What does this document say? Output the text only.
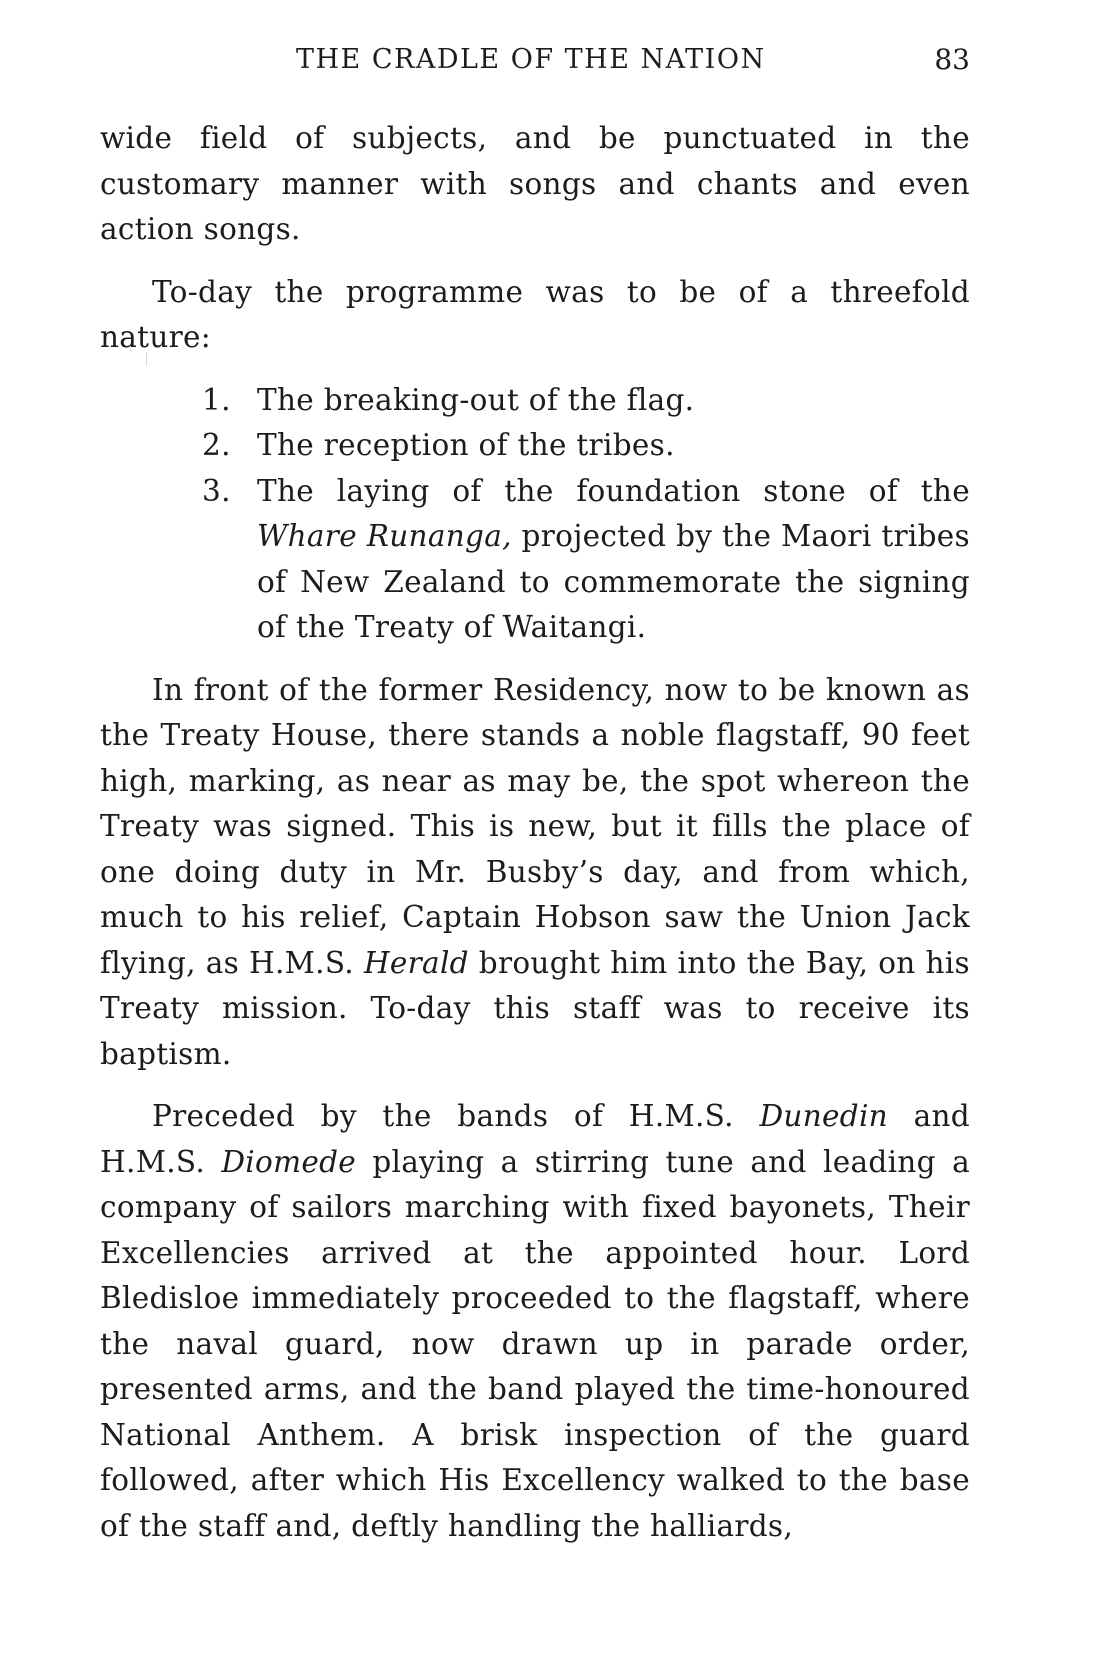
THE CRADLE OF THE NATION	83

wide field of subjects, and be punctuated in the customary manner with songs and chants and even action songs.

To-day the programme was to be of a threefold nature:

1. The breaking-out of the flag.
2. The reception of the tribes.
3. The laying of the foundation stone of the Whare Runanga, projected by the Maori tribes of New Zealand to commemorate the signing of the Treaty of Waitangi.

In front of the former Residency, now to be known as the Treaty House, there stands a noble flagstaff, 90 feet high, marking, as near as may be, the spot whereon the Treaty was signed. This is new, but it fills the place of one doing duty in Mr. Busby’s day, and from which, much to his relief, Captain Hobson saw the Union Jack flying, as H.M.S. Herald brought him into the Bay, on his Treaty mission. To-day this staff was to receive its baptism.

Preceded by the bands of H.M.S. Dunedin and H.M.S. Diomede playing a stirring tune and leading a company of sailors marching with fixed bayonets, Their Excellencies arrived at the appointed hour. Lord Bledisloe immediately proceeded to the flagstaff, where the naval guard, now drawn up in parade order, presented arms, and the band played the time-honoured National Anthem. A brisk inspection of the guard followed, after which His Excellency walked to the base of the staff and, deftly handling the halliards,
